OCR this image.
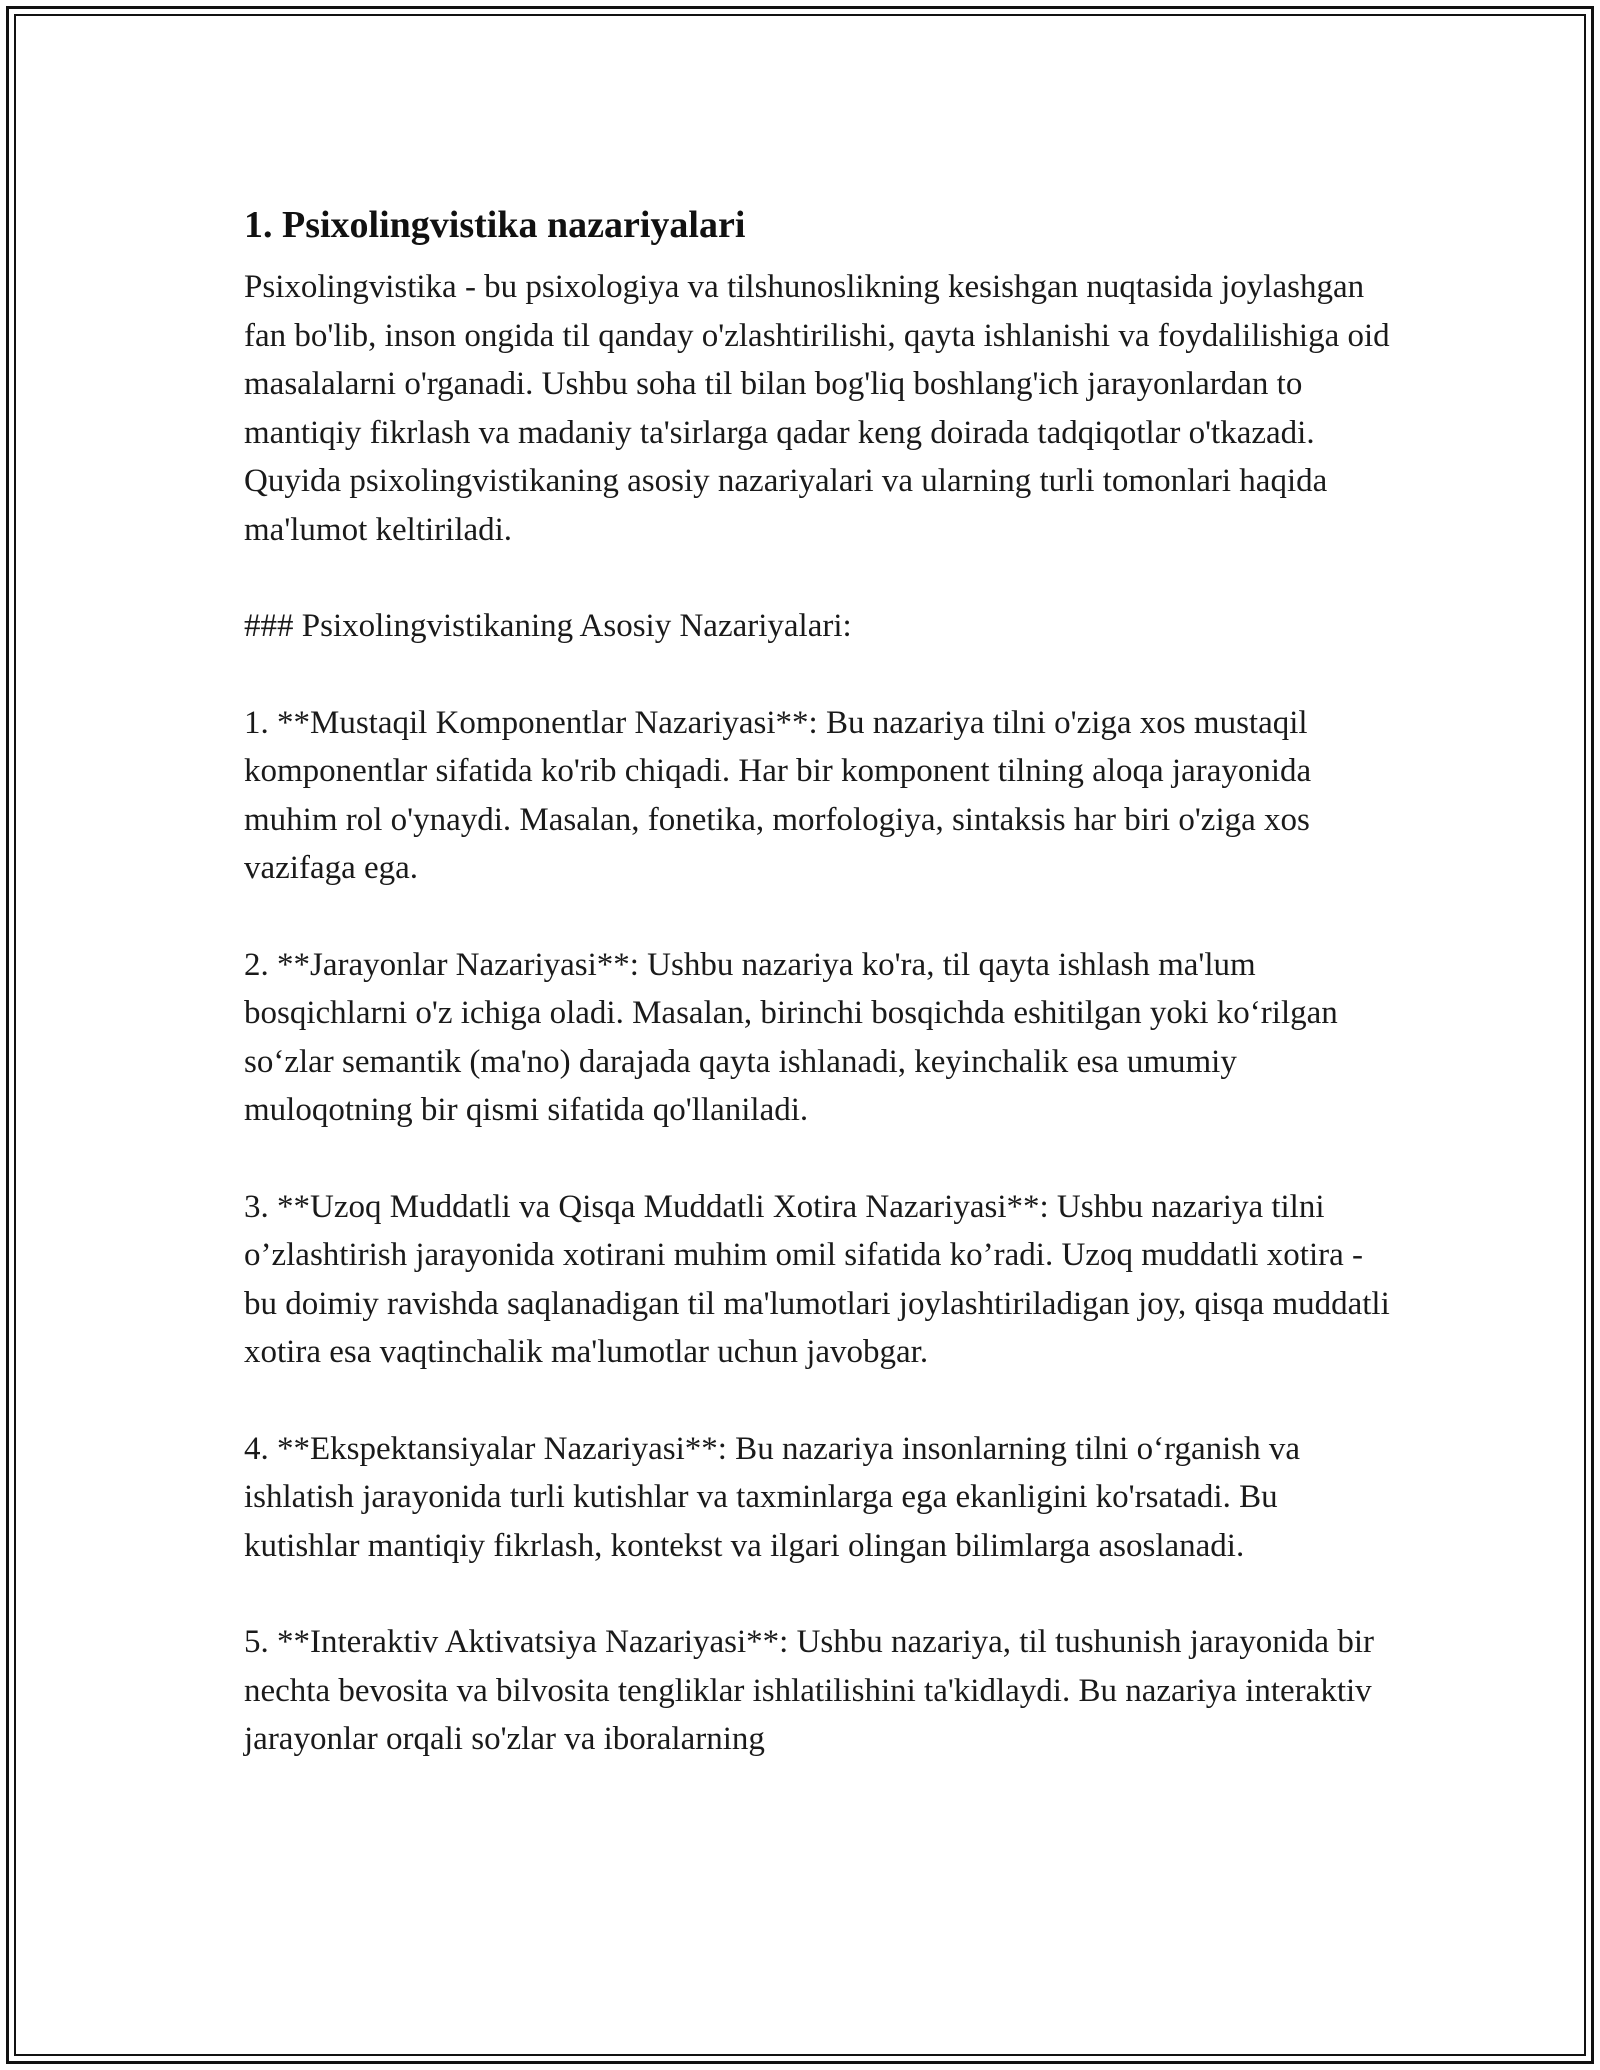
1. Psixolingvistika nazariyalari

Psixolingvistika - bu psixologiya va tilshunoslikning kesishgan nuqtasida joylashgan fan bo'lib, inson ongida til qanday o'zlashtirilishi, qayta ishlanishi va foydalilishiga oid masalalarni o'rganadi. Ushbu soha til bilan bog'liq boshlang'ich jarayonlardan to mantiqiy fikrlash va madaniy ta'sirlarga qadar keng doirada tadqiqotlar o'tkazadi. Quyida psixolingvistikaning asosiy nazariyalari va ularning turli tomonlari haqida ma'lumot keltiriladi.

### Psixolingvistikaning Asosiy Nazariyalari:

1. **Mustaqil Komponentlar Nazariyasi**: Bu nazariya tilni o'ziga xos mustaqil komponentlar sifatida ko'rib chiqadi. Har bir komponent tilning aloqa jarayonida muhim rol o'ynaydi. Masalan, fonetika, morfologiya, sintaksis har biri o'ziga xos vazifaga ega.

2. **Jarayonlar Nazariyasi**: Ushbu nazariya ko'ra, til qayta ishlash ma'lum bosqichlarni o'z ichiga oladi. Masalan, birinchi bosqichda eshitilgan yoki ko‘rilgan so‘zlar semantik (ma'no) darajada qayta ishlanadi, keyinchalik esa umumiy muloqotning bir qismi sifatida qo'llaniladi.

3. **Uzoq Muddatli va Qisqa Muddatli Xotira Nazariyasi**: Ushbu nazariya tilni o’zlashtirish jarayonida xotirani muhim omil sifatida ko’radi. Uzoq muddatli xotira - bu doimiy ravishda saqlanadigan til ma'lumotlari joylashtiriladigan joy, qisqa muddatli xotira esa vaqtinchalik ma'lumotlar uchun javobgar.

4. **Ekspektansiyalar Nazariyasi**: Bu nazariya insonlarning tilni o‘rganish va ishlatish jarayonida turli kutishlar va taxminlarga ega ekanligini ko'rsatadi. Bu kutishlar mantiqiy fikrlash, kontekst va ilgari olingan bilimlarga asoslanadi.

5. **Interaktiv Aktivatsiya Nazariyasi**: Ushbu nazariya, til tushunish jarayonida bir nechta bevosita va bilvosita tengliklar ishlatilishini ta'kidlaydi. Bu nazariya interaktiv jarayonlar orqali so'zlar va iboralarning
